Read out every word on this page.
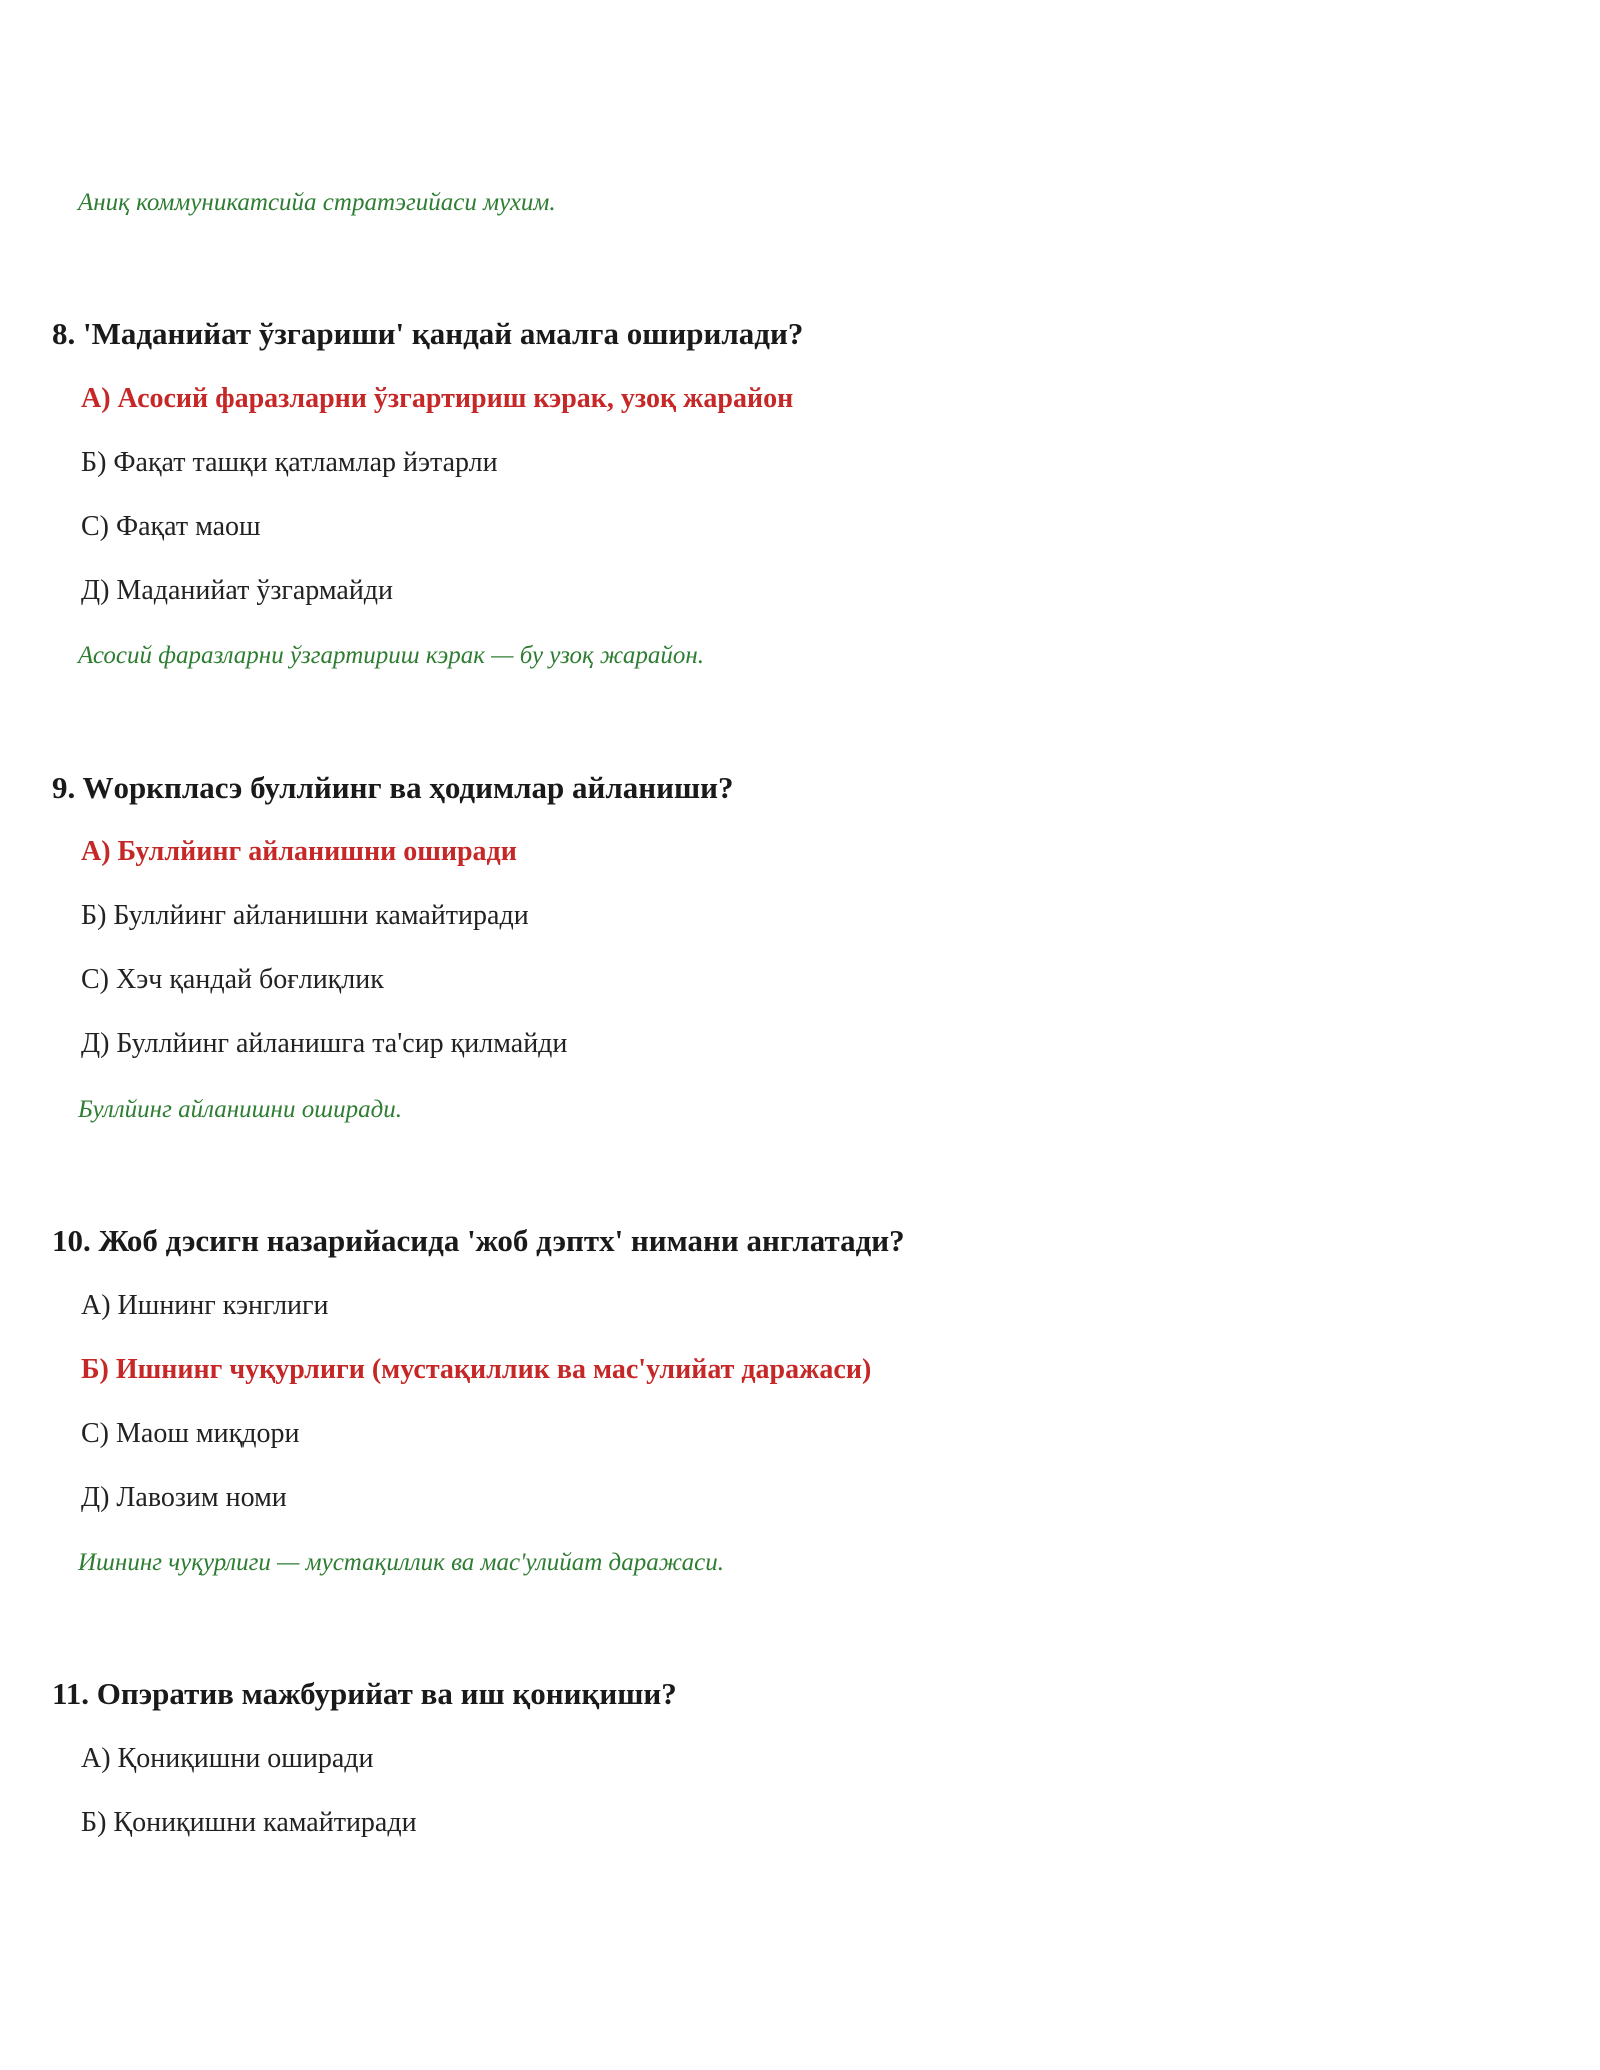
Аниқ коммуникатсийа стратэгийаси мухим.
8. 'Маданийат ўзгариши' қандай амалга оширилади?
А) Асосий фаразларни ўзгартириш кэрак, узоқ жарайон
Б) Фақат ташқи қатламлар йэтарли
С) Фақат маош
Д) Маданийат ўзгармайди
Асосий фаразларни ўзгартириш кэрак — бу узоқ жарайон.
9. Wоркпласэ буллйинг ва ҳодимлар айланиши?
А) Буллйинг айланишни оширади
Б) Буллйинг айланишни камайтиради
С) Хэч қандай боғлиқлик
Д) Буллйинг айланишга та'сир қилмайди
Буллйинг айланишни оширади.
10. Жоб дэсигн назарийасида 'жоб дэптх' нимани англатади?
А) Ишнинг кэнглиги
Б) Ишнинг чуқурлиги (мустақиллик ва мас'улийат даражаси)
С) Маош миқдори
Д) Лавозим номи
Ишнинг чуқурлиги — мустақиллик ва мас'улийат даражаси.
11. Опэратив мажбурийат ва иш қониқиши?
А) Қониқишни оширади
Б) Қониқишни камайтиради
